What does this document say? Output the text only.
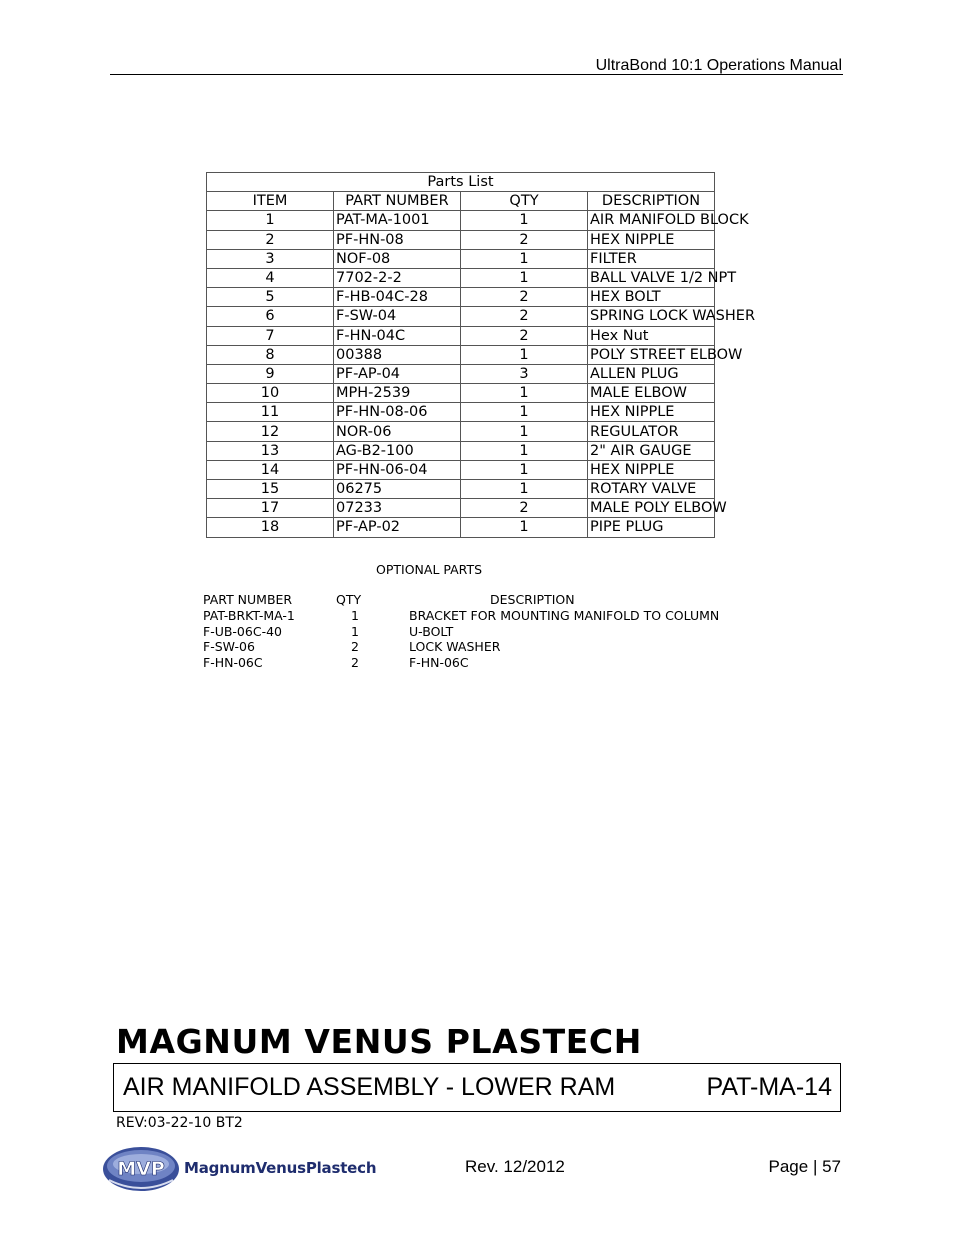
UltraBond 10:1 Operations Manual
Parts List			
ITEM	PART NUMBER	QTY	DESCRIPTION
1	PAT-MA-1001	1	AIR MANIFOLD BLOCK
2	PF-HN-08	2	HEX NIPPLE
3	NOF-08	1	FILTER
4	7702-2-2	1	BALL VALVE 1/2 NPT
5	F-HB-04C-28	2	HEX BOLT
6	F-SW-04	2	SPRING LOCK WASHER
7	F-HN-04C	2	Hex Nut
8	00388	1	POLY STREET ELBOW
9	PF-AP-04	3	ALLEN PLUG
10	MPH-2539	1	MALE ELBOW
11	PF-HN-08-06	1	HEX NIPPLE
12	NOR-06	1	REGULATOR
13	AG-B2-100	1	2" AIR GAUGE
14	PF-HN-06-04	1	HEX NIPPLE
15	06275	1	ROTARY VALVE
17	07233	2	MALE POLY ELBOW
18	PF-AP-02	1	PIPE PLUG
OPTIONAL PARTS
PART NUMBER	QTY	DESCRIPTION
PAT-BRKT-MA-1	1	BRACKET FOR MOUNTING MANIFOLD TO COLUMN
F-UB-06C-40	1	U-BOLT
F-SW-06	2	LOCK WASHER
F-HN-06C	2	F-HN-06C
MAGNUM VENUS PLASTECH
AIR MANIFOLD ASSEMBLY - LOWER RAM	PAT-MA-14
REV:03-22-10 BT2
MVP MagnumVenusPlastech	Rev. 12/2012	Page | 57
